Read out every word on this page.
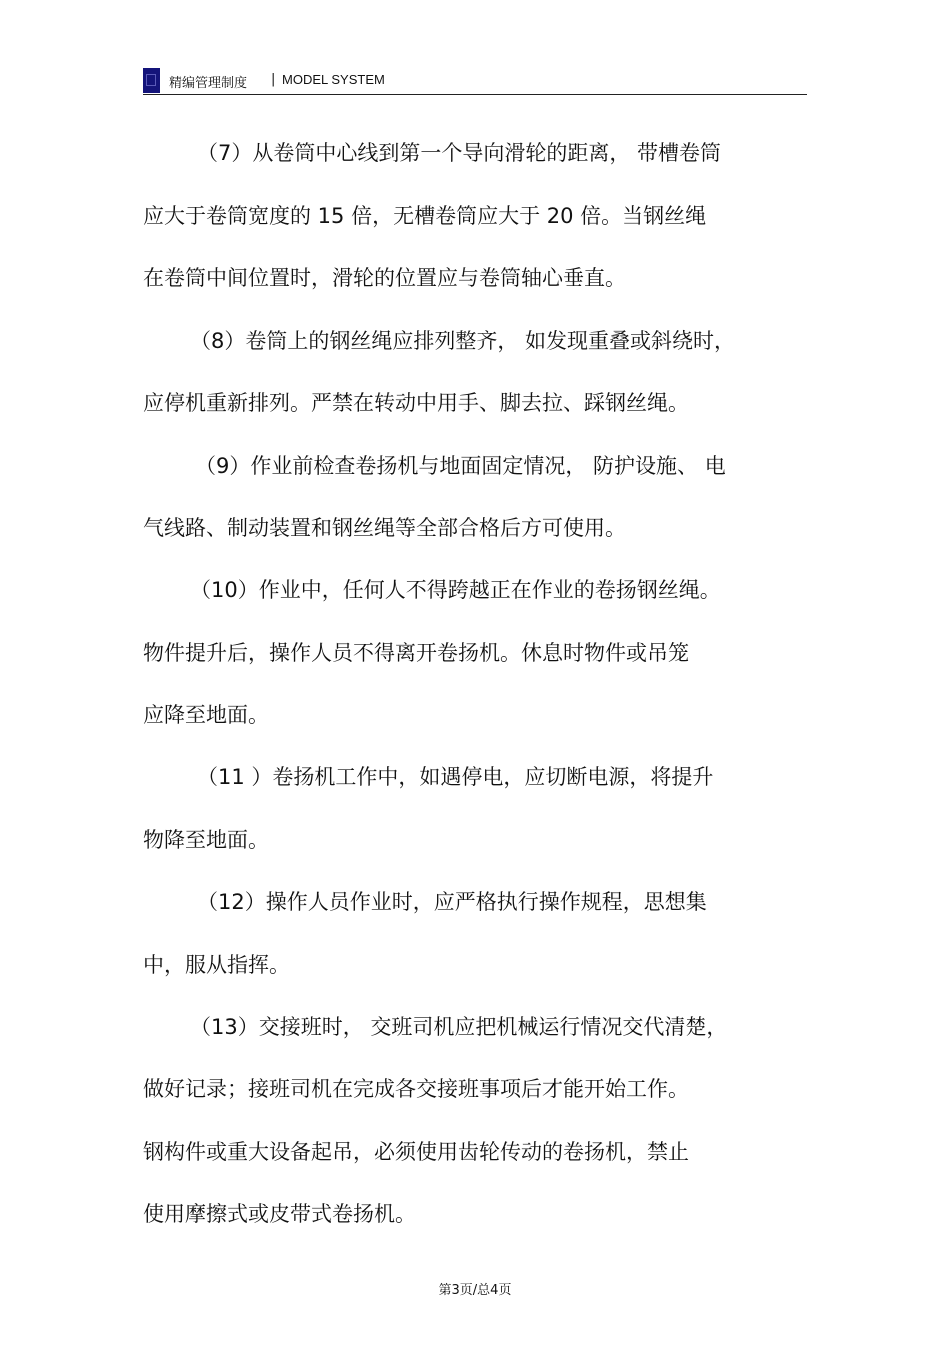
精编管理制度 | MODEL SYSTEM
（7）从卷筒中心线到第一个导向滑轮的距离， 带槽卷筒
应大于卷筒宽度的 15 倍，无槽卷筒应大于 20 倍。当钢丝绳
在卷筒中间位置时，滑轮的位置应与卷筒轴心垂直。
（8）卷筒上的钢丝绳应排列整齐， 如发现重叠或斜绕时，
应停机重新排列。严禁在转动中用手、脚去拉、踩钢丝绳。
（9）作业前检查卷扬机与地面固定情况， 防护设施、 电
气线路、制动装置和钢丝绳等全部合格后方可使用。
（10）作业中，任何人不得跨越正在作业的卷扬钢丝绳。
物件提升后，操作人员不得离开卷扬机。休息时物件或吊笼
应降至地面。
（11 ）卷扬机工作中，如遇停电，应切断电源，将提升
物降至地面。
（12）操作人员作业时，应严格执行操作规程，思想集
中，服从指挥。
（13）交接班时， 交班司机应把机械运行情况交代清楚，
做好记录；接班司机在完成各交接班事项后才能开始工作。
钢构件或重大设备起吊，必须使用齿轮传动的卷扬机，禁止
使用摩擦式或皮带式卷扬机。
第3页/总4页
